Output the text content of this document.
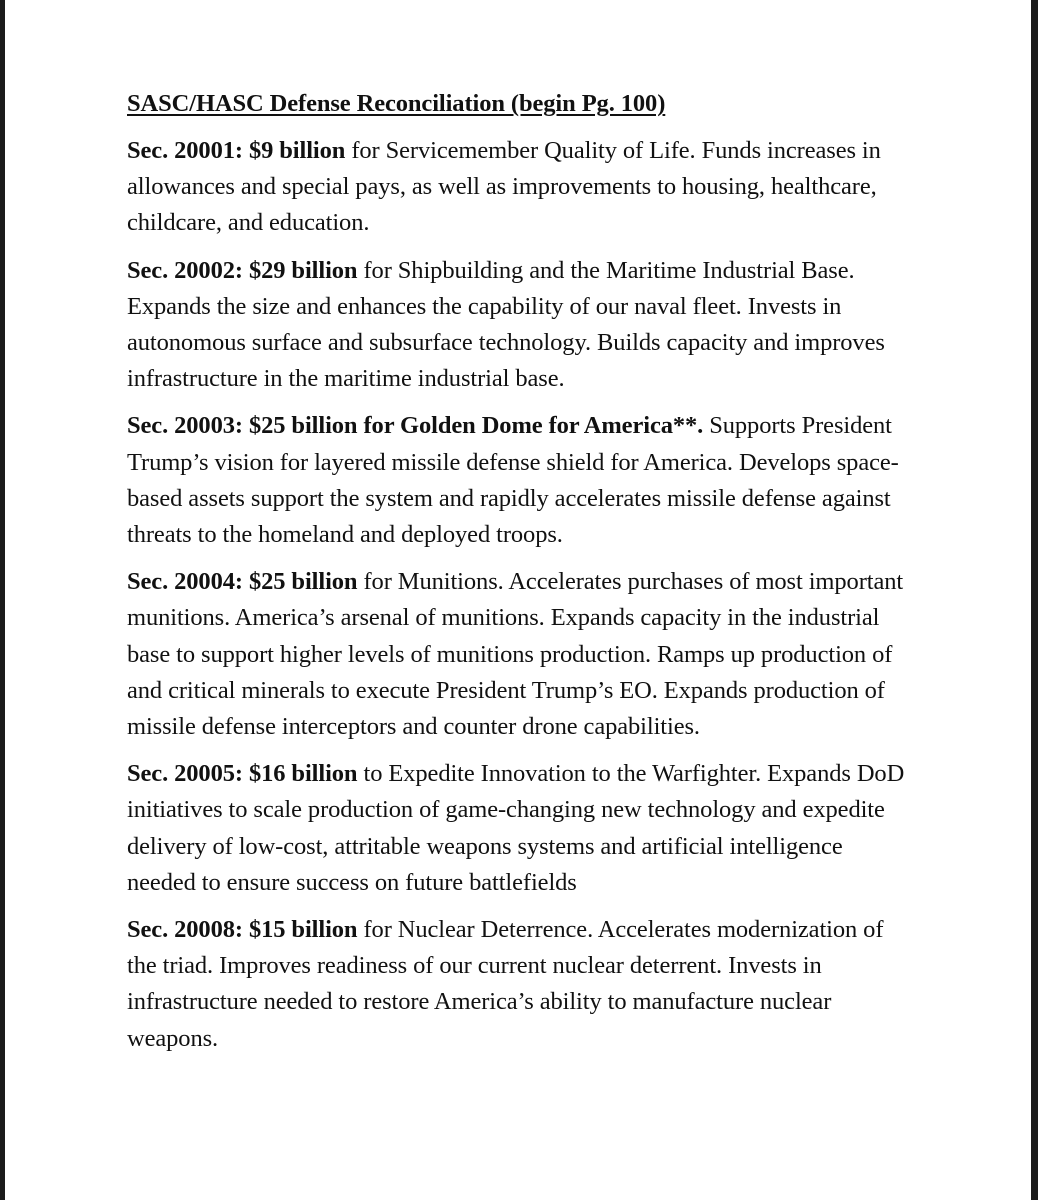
SASC/HASC Defense Reconciliation (begin Pg. 100)

Sec. 20001: $9 billion for Servicemember Quality of Life. Funds increases in allowances and special pays, as well as improvements to housing, healthcare, childcare, and education.

Sec. 20002: $29 billion for Shipbuilding and the Maritime Industrial Base. Expands the size and enhances the capability of our naval fleet. Invests in autonomous surface and subsurface technology. Builds capacity and improves infrastructure in the maritime industrial base.

Sec. 20003: $25 billion for Golden Dome for America**. Supports President Trump’s vision for layered missile defense shield for America. Develops space-based assets support the system and rapidly accelerates missile defense against threats to the homeland and deployed troops.

Sec. 20004: $25 billion for Munitions. Accelerates purchases of most important munitions. America’s arsenal of munitions. Expands capacity in the industrial base to support higher levels of munitions production. Ramps up production of and critical minerals to execute President Trump’s EO. Expands production of missile defense interceptors and counter drone capabilities.

Sec. 20005: $16 billion to Expedite Innovation to the Warfighter. Expands DoD initiatives to scale production of game-changing new technology and expedite delivery of low-cost, attritable weapons systems and artificial intelligence needed to ensure success on future battlefields

Sec. 20008: $15 billion for Nuclear Deterrence. Accelerates modernization of the triad. Improves readiness of our current nuclear deterrent. Invests in infrastructure needed to restore America’s ability to manufacture nuclear weapons.
